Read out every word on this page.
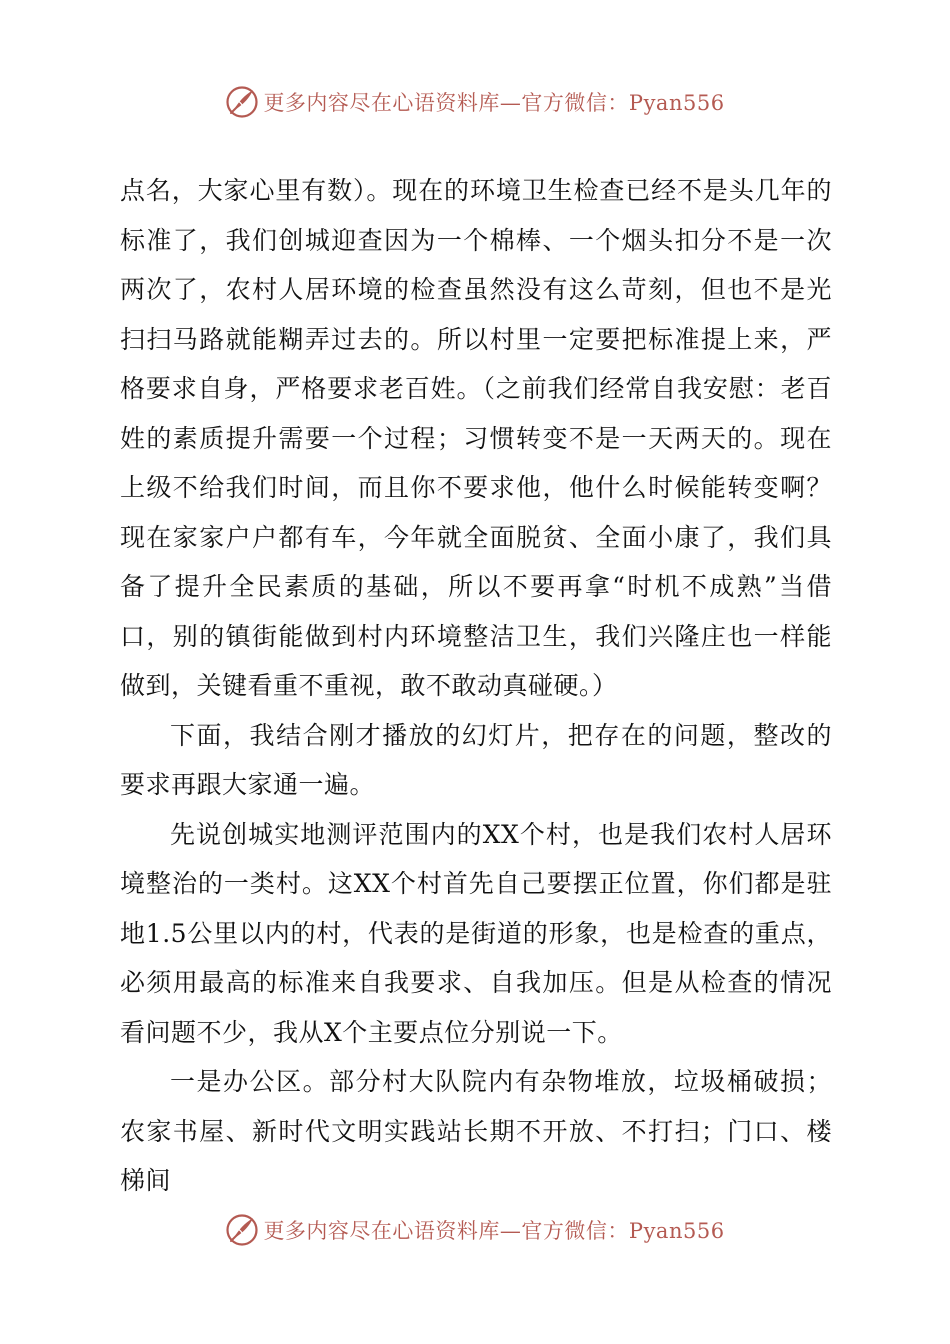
更多内容尽在心语资料库—官方微信：Pyan556

点名，大家心里有数）。现在的环境卫生检查已经不是头几年的标准了，我们创城迎查因为一个棉棒、一个烟头扣分不是一次两次了，农村人居环境的检查虽然没有这么苛刻，但也不是光扫扫马路就能糊弄过去的。所以村里一定要把标准提上来，严格要求自身，严格要求老百姓。（之前我们经常自我安慰：老百姓的素质提升需要一个过程；习惯转变不是一天两天的。现在上级不给我们时间，而且你不要求他，他什么时候能转变啊？现在家家户户都有车，今年就全面脱贫、全面小康了，我们具备了提升全民素质的基础，所以不要再拿“时机不成熟”当借口，别的镇街能做到村内环境整洁卫生，我们兴隆庄也一样能做到，关键看重不重视，敢不敢动真碰硬。）

下面，我结合刚才播放的幻灯片，把存在的问题，整改的要求再跟大家通一遍。

先说创城实地测评范围内的XX个村，也是我们农村人居环境整治的一类村。这XX个村首先自己要摆正位置，你们都是驻地1.5公里以内的村，代表的是街道的形象，也是检查的重点，必须用最高的标准来自我要求、自我加压。但是从检查的情况看问题不少，我从X个主要点位分别说一下。

一是办公区。部分村大队院内有杂物堆放，垃圾桶破损；农家书屋、新时代文明实践站长期不开放、不打扫；门口、楼梯间

更多内容尽在心语资料库—官方微信：Pyan556
